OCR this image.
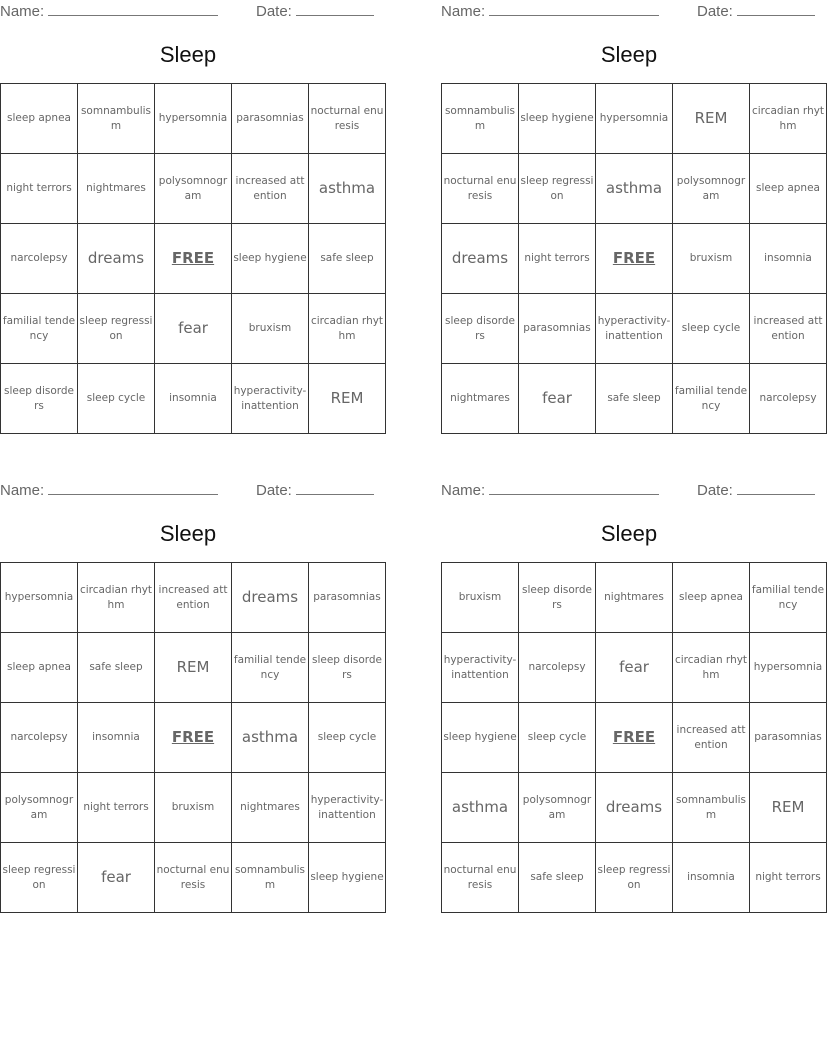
Name:	Date:
Sleep
sleep apnea	somnambulism	hypersomnia	parasomnias	nocturnal enuresis
night terrors	nightmares	polysomnogram	increased attention	asthma
narcolepsy	dreams	FREE	sleep hygiene	safe sleep
familial tendency	sleep regression	fear	bruxism	circadian rhythm
sleep disorders	sleep cycle	insomnia	hyperactivity-inattention	REM
Name:	Date:
Sleep
somnambulism	sleep hygiene	hypersomnia	REM	circadian rhythm
nocturnal enuresis	sleep regression	asthma	polysomnogram	sleep apnea
dreams	night terrors	FREE	bruxism	insomnia
sleep disorders	parasomnias	hyperactivity-inattention	sleep cycle	increased attention
nightmares	fear	safe sleep	familial tendency	narcolepsy
Name:	Date:
Sleep
hypersomnia	circadian rhythm	increased attention	dreams	parasomnias
sleep apnea	safe sleep	REM	familial tendency	sleep disorders
narcolepsy	insomnia	FREE	asthma	sleep cycle
polysomnogram	night terrors	bruxism	nightmares	hyperactivity-inattention
sleep regression	fear	nocturnal enuresis	somnambulism	sleep hygiene
Name:	Date:
Sleep
bruxism	sleep disorders	nightmares	sleep apnea	familial tendency
hyperactivity-inattention	narcolepsy	fear	circadian rhythm	hypersomnia
sleep hygiene	sleep cycle	FREE	increased attention	parasomnias
asthma	polysomnogram	dreams	somnambulism	REM
nocturnal enuresis	safe sleep	sleep regression	insomnia	night terrors
